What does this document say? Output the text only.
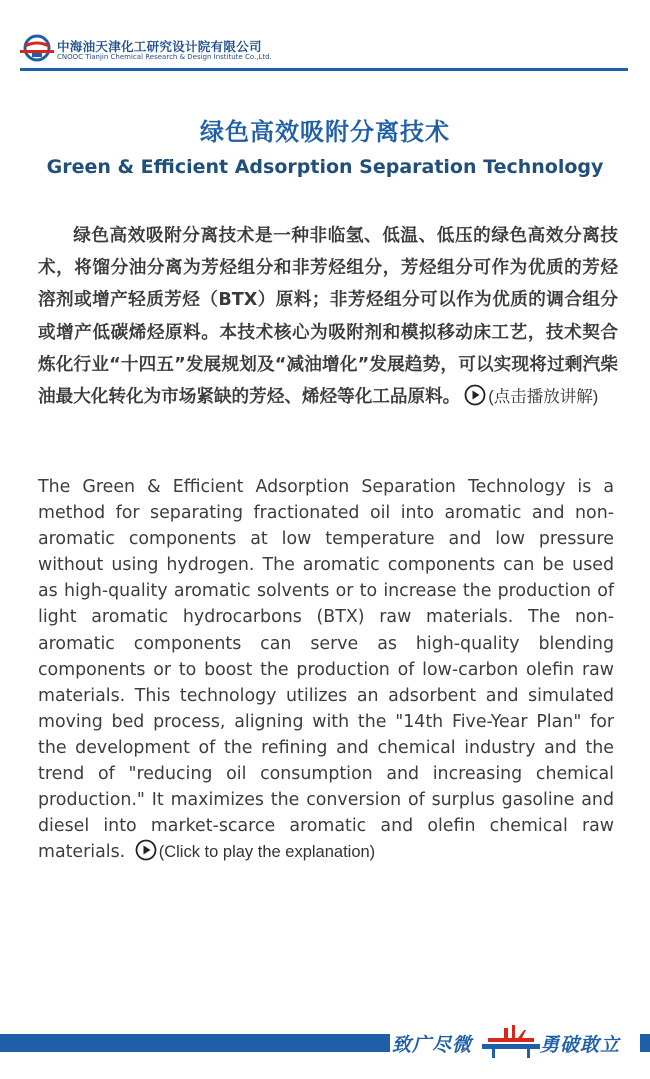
中海油天津化工研究设计院有限公司
CNOOC Tianjin Chemical Research & Design Institute Co.,Ltd.
绿色高效吸附分离技术
Green & Efficient Adsorption Separation Technology

绿色高效吸附分离技术是一种非临氢、低温、低压的绿色高效分离技术，将馏分油分离为芳烃组分和非芳烃组分，芳烃组分可作为优质的芳烃溶剂或增产轻质芳烃（BTX）原料；非芳烃组分可以作为优质的调合组分或增产低碳烯烃原料。本技术核心为吸附剂和模拟移动床工艺，技术契合炼化行业“十四五”发展规划及“减油增化”发展趋势，可以实现将过剩汽柴油最大化转化为市场紧缺的芳烃、烯烃等化工品原料。 (点击播放讲解)

The Green & Efficient Adsorption Separation Technology is a method for separating fractionated oil into aromatic and non-aromatic components at low temperature and low pressure without using hydrogen. The aromatic components can be used as high-quality aromatic solvents or to increase the production of light aromatic hydrocarbons (BTX) raw materials. The non-aromatic components can serve as high-quality blending components or to boost the production of low-carbon olefin raw materials. This technology utilizes an adsorbent and simulated moving bed process, aligning with the "14th Five-Year Plan" for the development of the refining and chemical industry and the trend of "reducing oil consumption and increasing chemical production." It maximizes the conversion of surplus gasoline and diesel into market-scarce aromatic and olefin chemical raw materials. (Click to play the explanation)

致广尽微	勇破敢立
